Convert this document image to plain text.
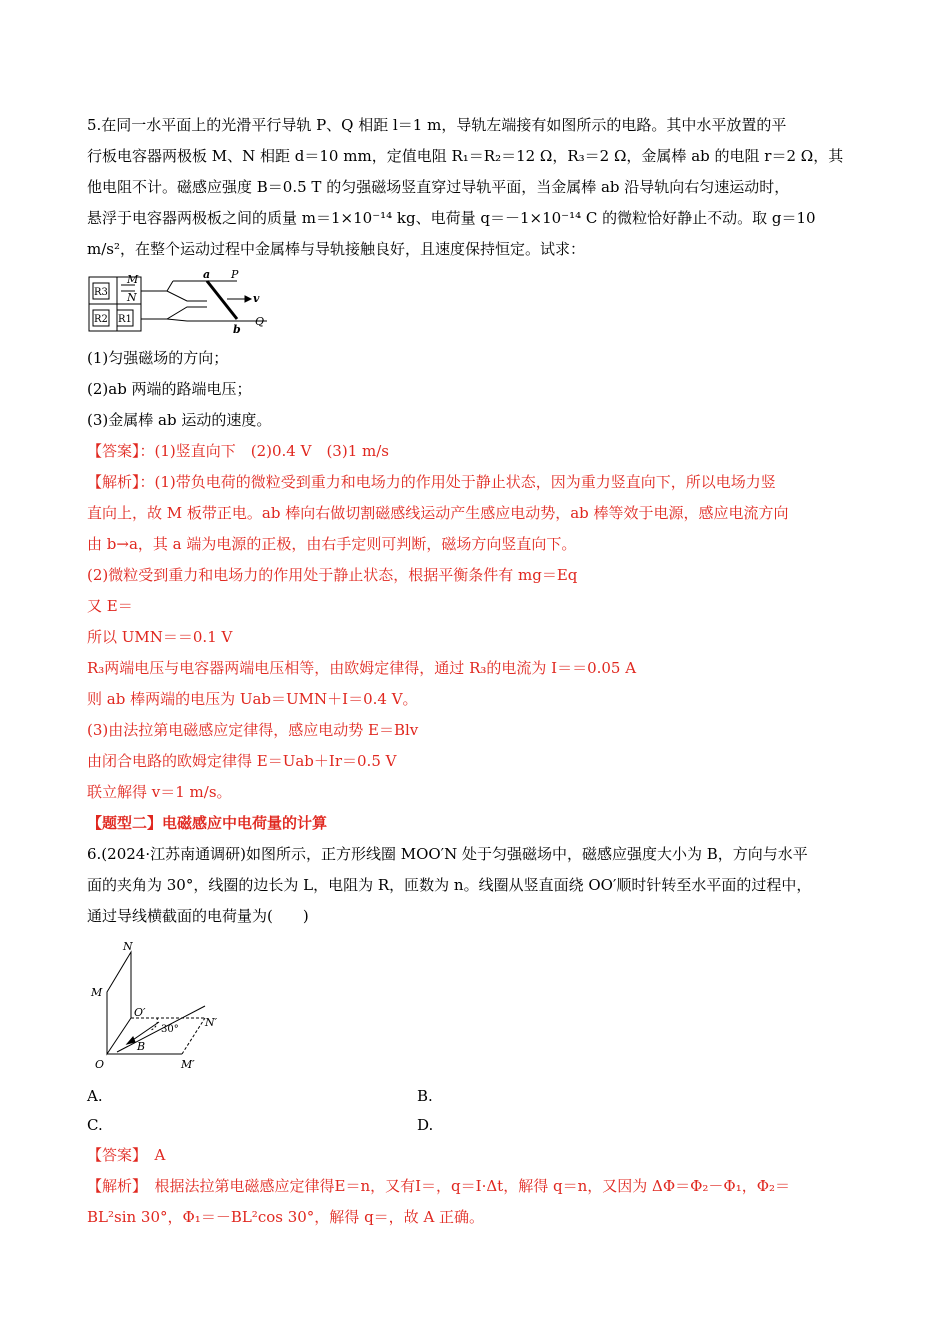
5.在同一水平面上的光滑平行导轨 P、Q 相距 l＝1 m，导轨左端接有如图所示的电路。其中水平放置的平

行板电容器两极板 M、N 相距 d＝10 mm，定值电阻 R₁＝R₂＝12 Ω，R₃＝2 Ω，金属棒 ab 的电阻 r＝2 Ω，其

他电阻不计。磁感应强度 B＝0.5 T 的匀强磁场竖直穿过导轨平面，当金属棒 ab 沿导轨向右匀速运动时，

悬浮于电容器两极板之间的质量 m＝1×10⁻¹⁴ kg、电荷量 q＝－1×10⁻¹⁴ C 的微粒恰好静止不动。取 g＝10

m/s²，在整个运动过程中金属棒与导轨接触良好，且速度保持恒定。试求：

R3
R2 R1
M
N
a P
v
b
Q

(1)匀强磁场的方向；

(2)ab 两端的路端电压；

(3)金属棒 ab 运动的速度。

【答案】：(1)竖直向下　(2)0.4 V　(3)1 m/s

【解析】：(1)带负电荷的微粒受到重力和电场力的作用处于静止状态，因为重力竖直向下，所以电场力竖

直向上，故 M 板带正电。ab 棒向右做切割磁感线运动产生感应电动势，ab 棒等效于电源，感应电流方向

由 b→a，其 a 端为电源的正极，由右手定则可判断，磁场方向竖直向下。

(2)微粒受到重力和电场力的作用处于静止状态，根据平衡条件有 mg＝Eq

又 E＝

所以 UMN＝＝0.1 V

R₃两端电压与电容器两端电压相等，由欧姆定律得，通过 R₃的电流为 I＝＝0.05 A

则 ab 棒两端的电压为 Uab＝UMN＋I＝0.4 V。

(3)由法拉第电磁感应定律得，感应电动势 E＝Blv

由闭合电路的欧姆定律得 E＝Uab＋Ir＝0.5 V

联立解得 v＝1 m/s。

【题型二】电磁感应中电荷量的计算

6.(2024·江苏南通调研)如图所示，正方形线圈 MOO′N 处于匀强磁场中，磁感应强度大小为 B，方向与水平

面的夹角为 30°，线圈的边长为 L，电阻为 R，匝数为 n。线圈从竖直面绕 OO′顺时针转至水平面的过程中，

通过导线横截面的电荷量为(　　)

N
M
O′
N′
30°
B
O	M′
A.	B.
C.	D.

【答案】　A

【解析】　根据法拉第电磁感应定律得E＝n，又有I＝，q＝I·Δt，解得 q＝n，又因为 ΔΦ＝Φ₂－Φ₁，Φ₂＝

BL²sin 30°，Φ₁＝－BL²cos 30°，解得 q＝，故 A 正确。
